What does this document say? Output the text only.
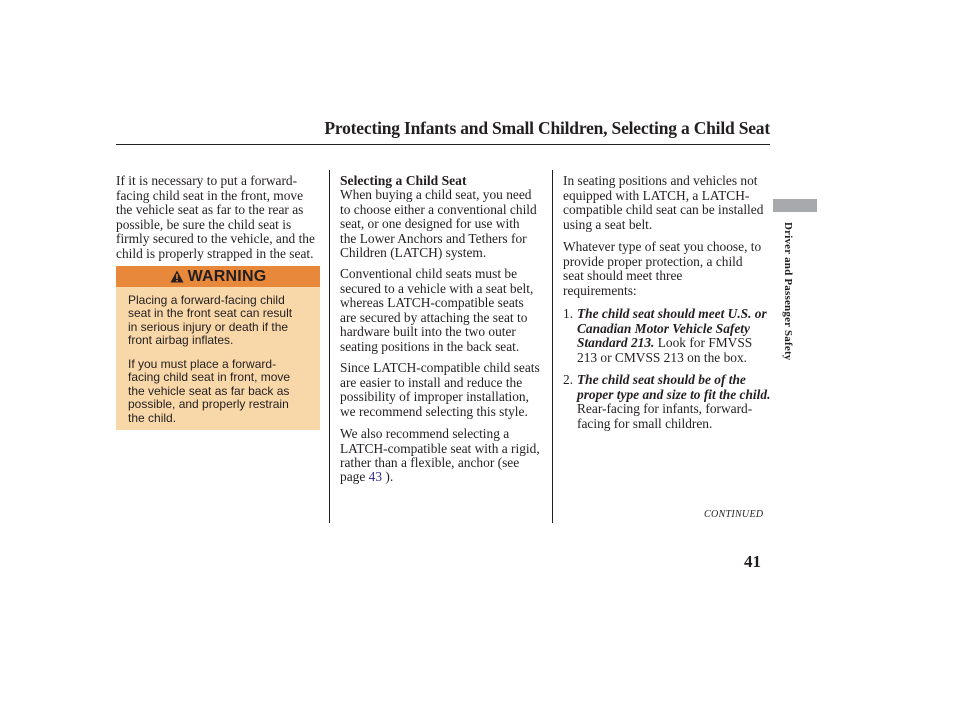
Protecting Infants and Small Children, Selecting a Child Seat

If it is necessary to put a forward-
facing child seat in the front, move
the vehicle seat as far to the rear as
possible, be sure the child seat is
firmly secured to the vehicle, and the
child is properly strapped in the seat.

WARNING

Placing a forward-facing child
seat in the front seat can result
in serious injury or death if the
front airbag inflates.

If you must place a forward-
facing child seat in front, move
the vehicle seat as far back as
possible, and properly restrain
the child.

Selecting a Child Seat

When buying a child seat, you need
to choose either a conventional child
seat, or one designed for use with
the Lower Anchors and Tethers for
Children (LATCH) system.

Conventional child seats must be
secured to a vehicle with a seat belt,
whereas LATCH-compatible seats
are secured by attaching the seat to
hardware built into the two outer
seating positions in the back seat.

Since LATCH-compatible child seats
are easier to install and reduce the
possibility of improper installation,
we recommend selecting this style.

We also recommend selecting a
LATCH-compatible seat with a rigid,
rather than a flexible, anchor (see

page 43 ).

In seating positions and vehicles not
equipped with LATCH, a LATCH-
compatible child seat can be installed
using a seat belt.

Whatever type of seat you choose, to
provide proper protection, a child
seat should meet three
requirements:

1. The child seat should meet U.S. or
Canadian Motor Vehicle Safety
Standard 213. Look for FMVSS
213 or CMVSS 213 on the box.
2. The child seat should be of the
proper type and size to fit the child.
Rear-facing for infants, forward-
facing for small children.
CONTINUED
41
Driver and Passenger Safety
